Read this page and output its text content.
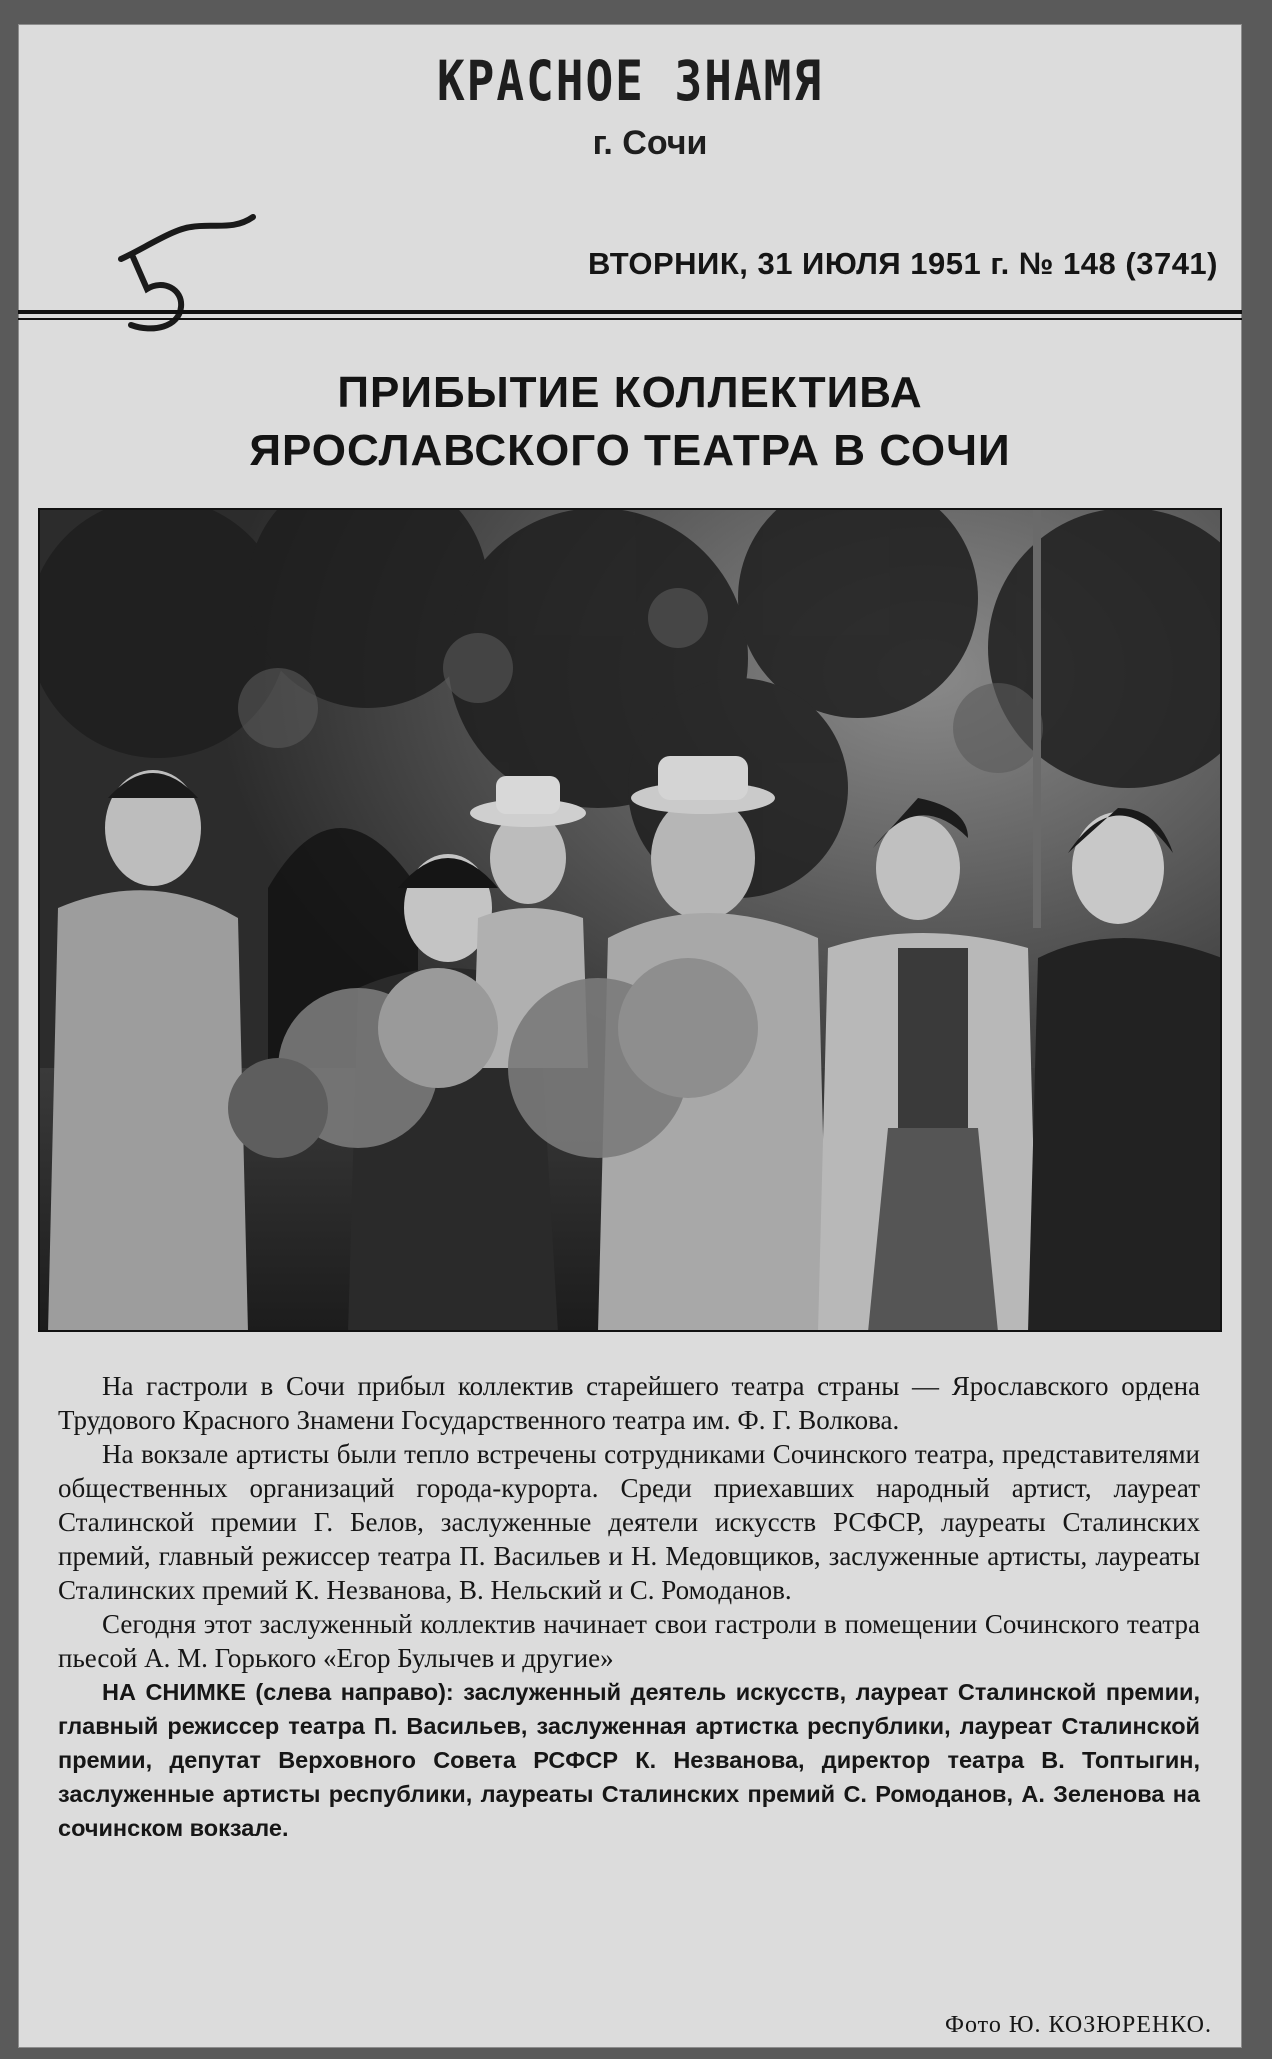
КРАСНОЕ ЗНАМЯ
г. Сочи
ВТОРНИК, 31 ИЮЛЯ 1951 г. № 148 (3741)
ПРИБЫТИЕ КОЛЛЕКТИВА
ЯРОСЛАВСКОГО ТЕАТРА В СОЧИ

На гастроли в Сочи прибыл коллектив старейшего театра страны — Ярославского ордена Трудового Красного Знамени Государственного театра им. Ф. Г. Волкова.

На вокзале артисты были тепло встречены сотрудниками Сочинского театра, представителями общественных организаций города-курорта. Среди приехавших народный артист, лауреат Сталинской премии Г. Белов, заслуженные деятели искусств РСФСР, лауреаты Сталинских премий, главный режиссер театра П. Васильев и Н. Медовщиков, заслуженные артисты, лауреаты Сталинских премий К. Незванова, В. Нельский и С. Ромоданов.

Сегодня этот заслуженный коллектив начинает свои гастроли в помещении Сочинского театра пьесой А. М. Горького «Егор Булычев и другие»

НА СНИМКЕ (слева направо): заслуженный деятель искусств, лауреат Сталинской премии, главный режиссер театра П. Васильев, заслуженная артистка республики, лауреат Сталинской премии, депутат Верховного Совета РСФСР К. Незванова, директор театра В. Топтыгин, заслуженные артисты республики, лауреаты Сталинских премий С. Ромоданов, А. Зеленова на сочинском вокзале.

Фото Ю. КОЗЮРЕНКО.
